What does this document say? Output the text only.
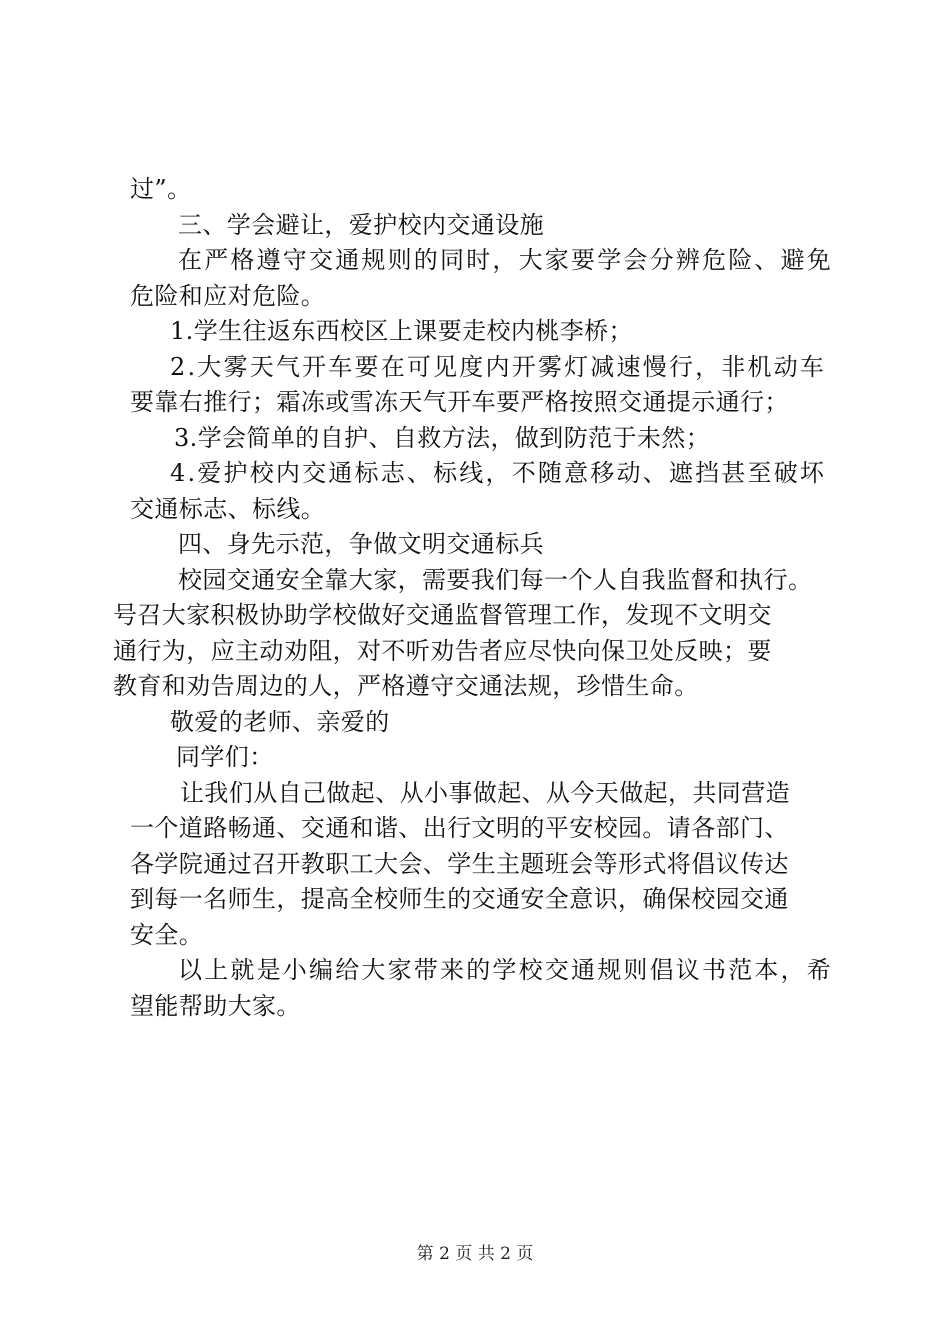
过”。
三、学会避让，爱护校内交通设施
在严格遵守交通规则的同时，大家要学会分辨危险、避免
危险和应对危险。
1.学生往返东西校区上课要走校内桃李桥；
2.大雾天气开车要在可见度内开雾灯减速慢行，非机动车
要靠右推行；霜冻或雪冻天气开车要严格按照交通提示通行；
3.学会简单的自护、自救方法，做到防范于未然；
4.爱护校内交通标志、标线，不随意移动、遮挡甚至破坏
交通标志、标线。
四、身先示范，争做文明交通标兵
校园交通安全靠大家，需要我们每一个人自我监督和执行。
号召大家积极协助学校做好交通监督管理工作，发现不文明交
通行为，应主动劝阻，对不听劝告者应尽快向保卫处反映；要
教育和劝告周边的人，严格遵守交通法规，珍惜生命。
敬爱的老师、亲爱的
同学们：
让我们从自己做起、从小事做起、从今天做起，共同营造
一个道路畅通、交通和谐、出行文明的平安校园。请各部门、
各学院通过召开教职工大会、学生主题班会等形式将倡议传达
到每一名师生，提高全校师生的交通安全意识，确保校园交通
安全。
以上就是小编给大家带来的学校交通规则倡议书范本，希
望能帮助大家。
第 2 页 共 2 页
